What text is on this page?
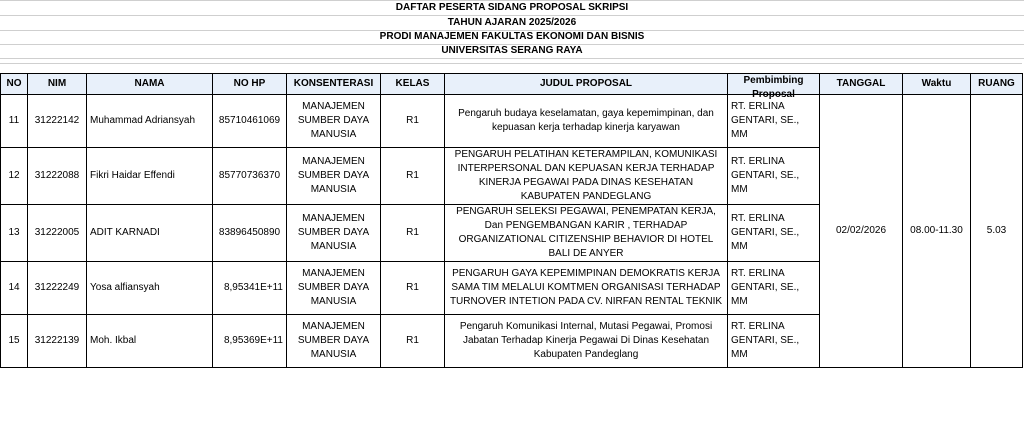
DAFTAR PESERTA SIDANG PROPOSAL SKRIPSI
TAHUN AJARAN 2025/2026
PRODI MANAJEMEN FAKULTAS EKONOMI DAN BISNIS
UNIVERSITAS SERANG RAYA
NO	NIM	NAMA	NO HP	KONSENTERASI	KELAS	JUDUL PROPOSAL	Pembimbing Proposal	TANGGAL	Waktu	RUANG
11	31222142	Muhammad Adriansyah	85710461069	MANAJEMEN SUMBER DAYA MANUSIA	R1	Pengaruh budaya keselamatan, gaya kepemimpinan, dan kepuasan kerja terhadap kinerja karyawan	RT. ERLINA GENTARI, SE., MM	02/02/2026	08.00-11.30	5.03
12	31222088	Fikri Haidar Effendi	85770736370	MANAJEMEN SUMBER DAYA MANUSIA	R1	PENGARUH PELATIHAN KETERAMPILAN, KOMUNIKASI INTERPERSONAL DAN KEPUASAN KERJA TERHADAP KINERJA PEGAWAI PADA DINAS KESEHATAN KABUPATEN PANDEGLANG	RT. ERLINA GENTARI, SE., MM			
13	31222005	ADIT KARNADI	83896450890	MANAJEMEN SUMBER DAYA MANUSIA	R1	PENGARUH SELEKSI PEGAWAI, PENEMPATAN KERJA, Dan PENGEMBANGAN KARIR , TERHADAP ORGANIZATIONAL CITIZENSHIP BEHAVIOR DI HOTEL BALI DE ANYER	RT. ERLINA GENTARI, SE., MM			
14	31222249	Yosa alfiansyah	8,95341E+11	MANAJEMEN SUMBER DAYA MANUSIA	R1	PENGARUH GAYA KEPEMIMPINAN DEMOKRATIS KERJA SAMA TIM MELALUI KOMTMEN ORGANISASI TERHADAP TURNOVER INTETION PADA CV. NIRFAN RENTAL TEKNIK	RT. ERLINA GENTARI, SE., MM			
15	31222139	Moh. Ikbal	8,95369E+11	MANAJEMEN SUMBER DAYA MANUSIA	R1	Pengaruh Komunikasi Internal, Mutasi Pegawai, Promosi Jabatan Terhadap Kinerja Pegawai Di Dinas Kesehatan Kabupaten Pandeglang	RT. ERLINA GENTARI, SE., MM			
